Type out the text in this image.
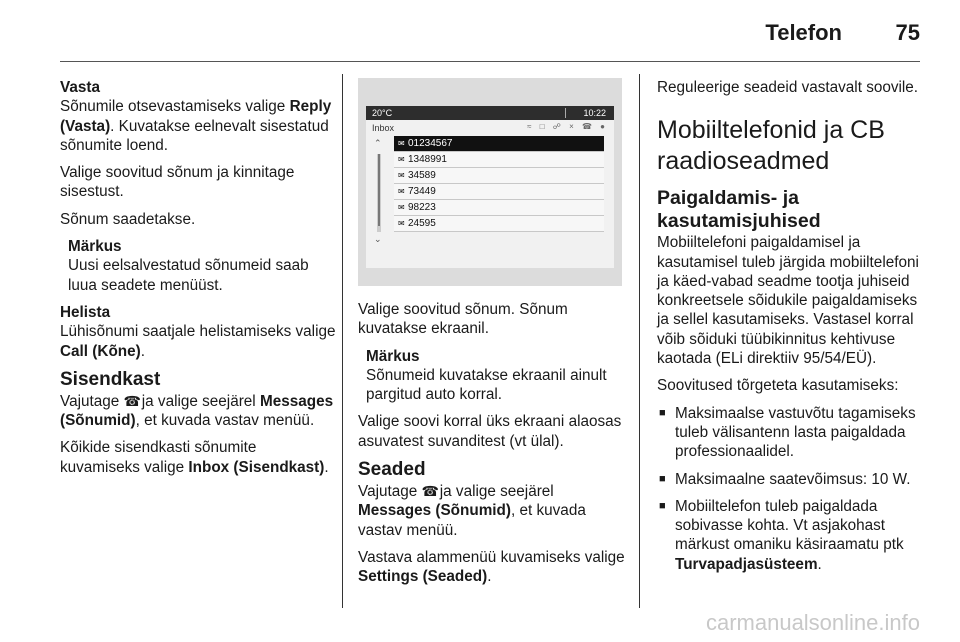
Telefon 75
Vasta

Sõnumile otsevastamiseks valige Reply (Vasta). Kuvatakse eelnevalt sisestatud sõnumite loend.

Valige soovitud sõnum ja kinnitage sisestust.

Sõnum saadetakse.

Märkus
Uusi eelsalvestatud sõnumeid saab luua seadete menüüst.
Helista

Lühisõnumi saatjale helistamiseks valige Call (Kõne).

Sisendkast

Vajutage ☎ ja valige seejärel Messages (Sõnumid), et kuvada vastav menüü.

Kõikide sisendkasti sõnumite kuvamiseks valige Inbox (Sisendkast).

20°C	10:22
Inbox	≈ □ ☍ × ☎ ●
⌃
⌄
✉ 01234567
✉ 1348991
✉ 34589
✉ 73449
✉ 98223
✉ 24595

Valige soovitud sõnum. Sõnum kuvatakse ekraanil.

Märkus
Sõnumeid kuvatakse ekraanil ainult pargitud auto korral.

Valige soovi korral üks ekraani alaosas asuvatest suvanditest (vt ülal).

Seaded

Vajutage ☎ ja valige seejärel Messages (Sõnumid), et kuvada vastav menüü.

Vastava alammenüü kuvamiseks valige Settings (Seaded).

Reguleerige seadeid vastavalt soovile.

Mobiiltelefonid ja CB raadioseadmed
Paigaldamis- ja kasutamisjuhised

Mobiiltelefoni paigaldamisel ja kasutamisel tuleb järgida mobiiltelefoni ja käed-vabad seadme tootja juhiseid konkreetsele sõidukile paigaldamiseks ja sellel kasutamiseks. Vastasel korral võib sõiduki tüübikinnitus kehtivuse kaotada (ELi direktiiv 95/54/EÜ).

Soovitused tõrgeteta kasutamiseks:

■ Maksimaalse vastuvõtu tagamiseks tuleb välisantenn lasta paigaldada professionaalidel.
■ Maksimaalne saatevõimsus: 10 W.
■ Mobiiltelefon tuleb paigaldada sobivasse kohta. Vt asjakohast märkust omaniku käsiraamatu ptk Turvapadjasüsteem.
carmanualsonline.info
